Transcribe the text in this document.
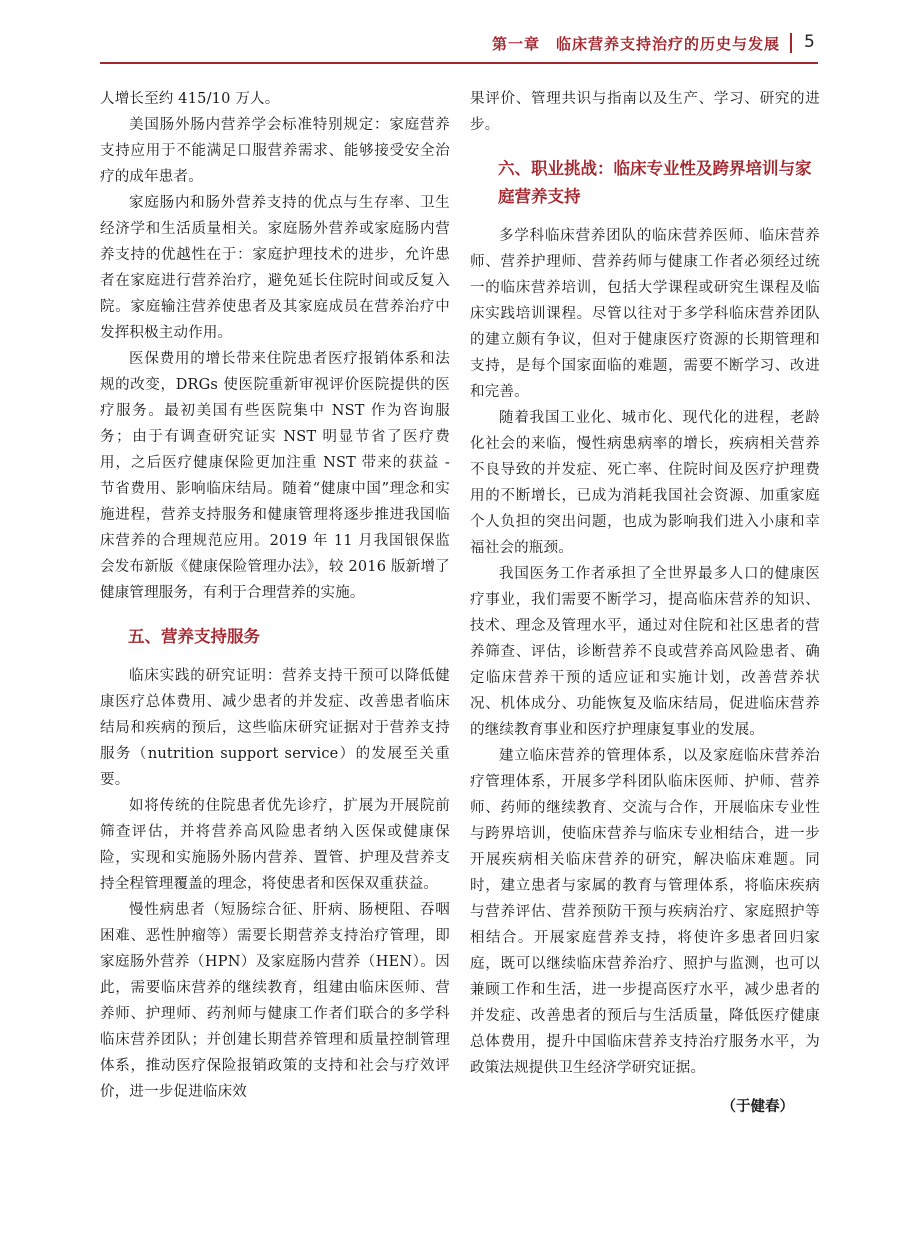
第一章　临床营养支持治疗的历史与发展 5

人增长至约 415/10 万人。

美国肠外肠内营养学会标准特别规定：家庭营养支持应用于不能满足口服营养需求、能够接受安全治疗的成年患者。

家庭肠内和肠外营养支持的优点与生存率、卫生经济学和生活质量相关。家庭肠外营养或家庭肠内营养支持的优越性在于：家庭护理技术的进步，允许患者在家庭进行营养治疗，避免延长住院时间或反复入院。家庭输注营养使患者及其家庭成员在营养治疗中发挥积极主动作用。

医保费用的增长带来住院患者医疗报销体系和法规的改变，DRGs 使医院重新审视评价医院提供的医疗服务。最初美国有些医院集中 NST 作为咨询服务；由于有调查研究证实 NST 明显节省了医疗费用，之后医疗健康保险更加注重 NST 带来的获益 - 节省费用、影响临床结局。随着“健康中国”理念和实施进程，营养支持服务和健康管理将逐步推进我国临床营养的合理规范应用。2019 年 11 月我国银保监会发布新版《健康保险管理办法》，较 2016 版新增了健康管理服务，有利于合理营养的实施。

五、营养支持服务

临床实践的研究证明：营养支持干预可以降低健康医疗总体费用、减少患者的并发症、改善患者临床结局和疾病的预后，这些临床研究证据对于营养支持服务（nutrition support service）的发展至关重要。

如将传统的住院患者优先诊疗，扩展为开展院前筛查评估，并将营养高风险患者纳入医保或健康保险，实现和实施肠外肠内营养、置管、护理及营养支持全程管理覆盖的理念，将使患者和医保双重获益。

慢性病患者（短肠综合征、肝病、肠梗阻、吞咽困难、恶性肿瘤等）需要长期营养支持治疗管理，即家庭肠外营养（HPN）及家庭肠内营养（HEN）。因此，需要临床营养的继续教育，组建由临床医师、营养师、护理师、药剂师与健康工作者们联合的多学科临床营养团队；并创建长期营养管理和质量控制管理体系，推动医疗保险报销政策的支持和社会与疗效评价，进一步促进临床效

果评价、管理共识与指南以及生产、学习、研究的进步。

六、职业挑战：临床专业性及跨界培训与家庭营养支持

多学科临床营养团队的临床营养医师、临床营养师、营养护理师、营养药师与健康工作者必须经过统一的临床营养培训，包括大学课程或研究生课程及临床实践培训课程。尽管以往对于多学科临床营养团队的建立颇有争议，但对于健康医疗资源的长期管理和支持，是每个国家面临的难题，需要不断学习、改进和完善。

随着我国工业化、城市化、现代化的进程，老龄化社会的来临，慢性病患病率的增长，疾病相关营养不良导致的并发症、死亡率、住院时间及医疗护理费用的不断增长，已成为消耗我国社会资源、加重家庭个人负担的突出问题，也成为影响我们进入小康和幸福社会的瓶颈。

我国医务工作者承担了全世界最多人口的健康医疗事业，我们需要不断学习，提高临床营养的知识、技术、理念及管理水平，通过对住院和社区患者的营养筛查、评估，诊断营养不良或营养高风险患者、确定临床营养干预的适应证和实施计划，改善营养状况、机体成分、功能恢复及临床结局，促进临床营养的继续教育事业和医疗护理康复事业的发展。

建立临床营养的管理体系，以及家庭临床营养治疗管理体系，开展多学科团队临床医师、护师、营养师、药师的继续教育、交流与合作，开展临床专业性与跨界培训，使临床营养与临床专业相结合，进一步开展疾病相关临床营养的研究，解决临床难题。同时，建立患者与家属的教育与管理体系，将临床疾病与营养评估、营养预防干预与疾病治疗、家庭照护等相结合。开展家庭营养支持，将使许多患者回归家庭，既可以继续临床营养治疗、照护与监测，也可以兼顾工作和生活，进一步提高医疗水平，减少患者的并发症、改善患者的预后与生活质量，降低医疗健康总体费用，提升中国临床营养支持治疗服务水平，为政策法规提供卫生经济学研究证据。

（于健春）
